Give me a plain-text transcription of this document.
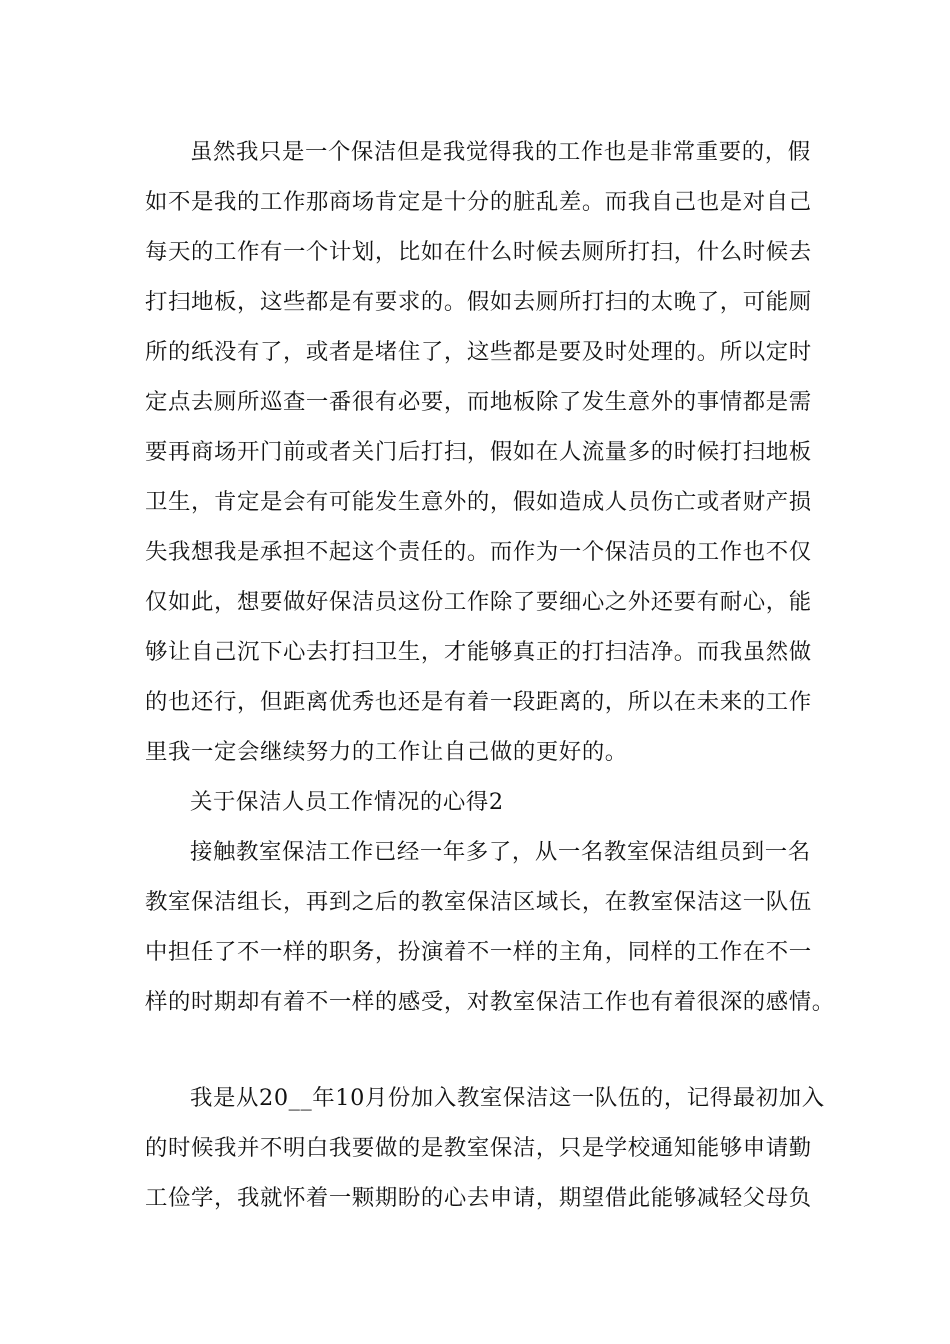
虽然我只是一个保洁但是我觉得我的工作也是非常重要的，假
如不是我的工作那商场肯定是十分的脏乱差。而我自己也是对自己
每天的工作有一个计划，比如在什么时候去厕所打扫，什么时候去
打扫地板，这些都是有要求的。假如去厕所打扫的太晚了，可能厕
所的纸没有了，或者是堵住了，这些都是要及时处理的。所以定时
定点去厕所巡查一番很有必要，而地板除了发生意外的事情都是需
要再商场开门前或者关门后打扫，假如在人流量多的时候打扫地板
卫生，肯定是会有可能发生意外的，假如造成人员伤亡或者财产损
失我想我是承担不起这个责任的。而作为一个保洁员的工作也不仅
仅如此，想要做好保洁员这份工作除了要细心之外还要有耐心，能
够让自己沉下心去打扫卫生，才能够真正的打扫洁净。而我虽然做
的也还行，但距离优秀也还是有着一段距离的，所以在未来的工作
里我一定会继续努力的工作让自己做的更好的。
关于保洁人员工作情况的心得2
接触教室保洁工作已经一年多了，从一名教室保洁组员到一名
教室保洁组长，再到之后的教室保洁区域长，在教室保洁这一队伍
中担任了不一样的职务，扮演着不一样的主角，同样的工作在不一
样的时期却有着不一样的感受，对教室保洁工作也有着很深的感情。
我是从20__年10月份加入教室保洁这一队伍的，记得最初加入
的时候我并不明白我要做的是教室保洁，只是学校通知能够申请勤
工俭学，我就怀着一颗期盼的心去申请，期望借此能够减轻父母负
